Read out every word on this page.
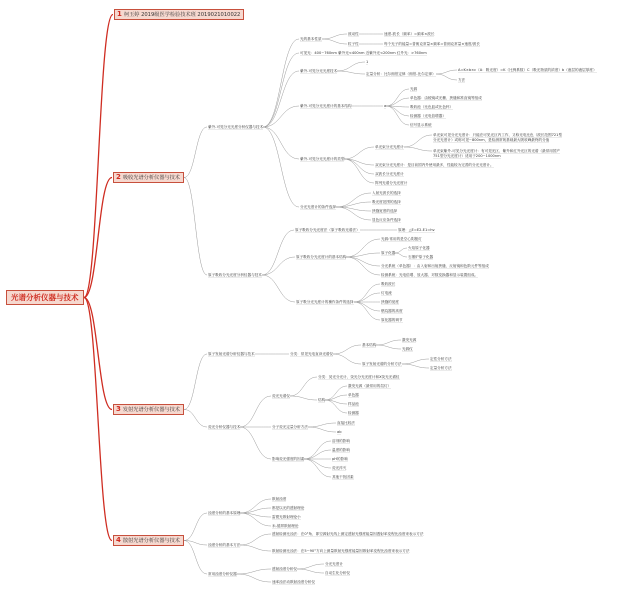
光谱分析仪器与技术
1 柯玉婷 2019级医学检验技术班 2019021010022
2 吸收光谱分析仪器与技术
3 发射光谱分析仪器与技术
4 散射光谱分析仪器与技术
紫外-可见分光光度分析仪器与技术
光的基本性质
波动性	速度-波长（频率）=频率×波长
粒子性	每个光子的能量=普朗克常量×频率=普朗克常量×速度/波长
可见光：400~760nm 紫外光<400nm 近紫外光<200nm 红外光：>760nm
紫外-可见分光光度技术
1
定量分析：比尔朗伯定律（朗伯-比尔定律）
A=K×b×c（A：吸光度）=K（比例系数）C（吸光物质的浓度）b（液层的液层厚度）
方法
紫外-可见分光光度计的基本结构	a
光源
单色器：由棱镜或光栅、狭缝和准直镜等组成
吸收池（比色皿或比色杯）
检测器（光电倍增器）
信号显示系统
紫外-可见分光光度计的类型
单光束分光光度计
单光束可见分光光度计：只能在可见光区内工作，又称光电比色（波长范围721型
分光光度计）或称可见~800nm，是检测常规基础最大吸收峰最终的分值
单光束紫外-可见分光光度计：有可见光区、紫外和红外光区的光谱（最常用国产
751型分光光度计）适用于200~1000nm
双光束分光光度计：是目前国内外使用最多，性能较为完善的分光光度计。
双波长分光光度计
阵列光谱分光光度计
分光光度计的条件选择
入射光波长的选择
吸光度范围的选择
狭缝宽度的选择
显色反应条件选择
原子吸收分光光度分析仪器与技术
原子吸收分光光度法（原子吸收光谱法）	原理：△E=E2-E1=hν
原子吸收分光光度计的基本结构
光源:常用的是空心阴极灯
原子化器
火焰原子化器
石墨炉原子化器
分光系统（单色器）：由入射和出射狭缝、反射镜和色散元件等组成
检测系统：光电倍增、放大器、对数变换器和显示装置组成。
原子吸分光光度计的操作条件的选择
吸收波长
灯电流
狭缝的宽度
燃烧器的高度
原化器的调节
原子发射光谱分析仪器与技术	分类：常见光电直读光谱仪
基本结构
激发光源
光源仪
原子发射光谱的分析方法
定性分析方法
定量分析方法
荧光分析仪器与技术
荧光光谱仪
分类：荧光分光计、荧光分光光度计和X荧光光谱仪
结构
激发光源（最常用的氙灯）
单色器
样品池
检测器
分子荧光定量分析方法
直接比较法
ab
影响荧光强度的因素
溶剂的影响
温度的影响
pH的影响
荧光淬灭
其他干扰因素
浊度分析的基本原理
散射浊度
都是以光的透射理论
雷锲光散射理论小
米-德拜散射理论
浊度分析的基本方法
透射检测比浊法：在0°角、即空源射光线上测定透射光强度能量因透射率变程比浊度来表示方法
散射检测比浊法：在5~90°方向上测量散射光强度能量因散射率变程比浊度来表示方法
常用浊度分析仪器
透射浊度分析仪
分光光度计
自动生化分析仪
速率浊法动散射浊度分析仪
